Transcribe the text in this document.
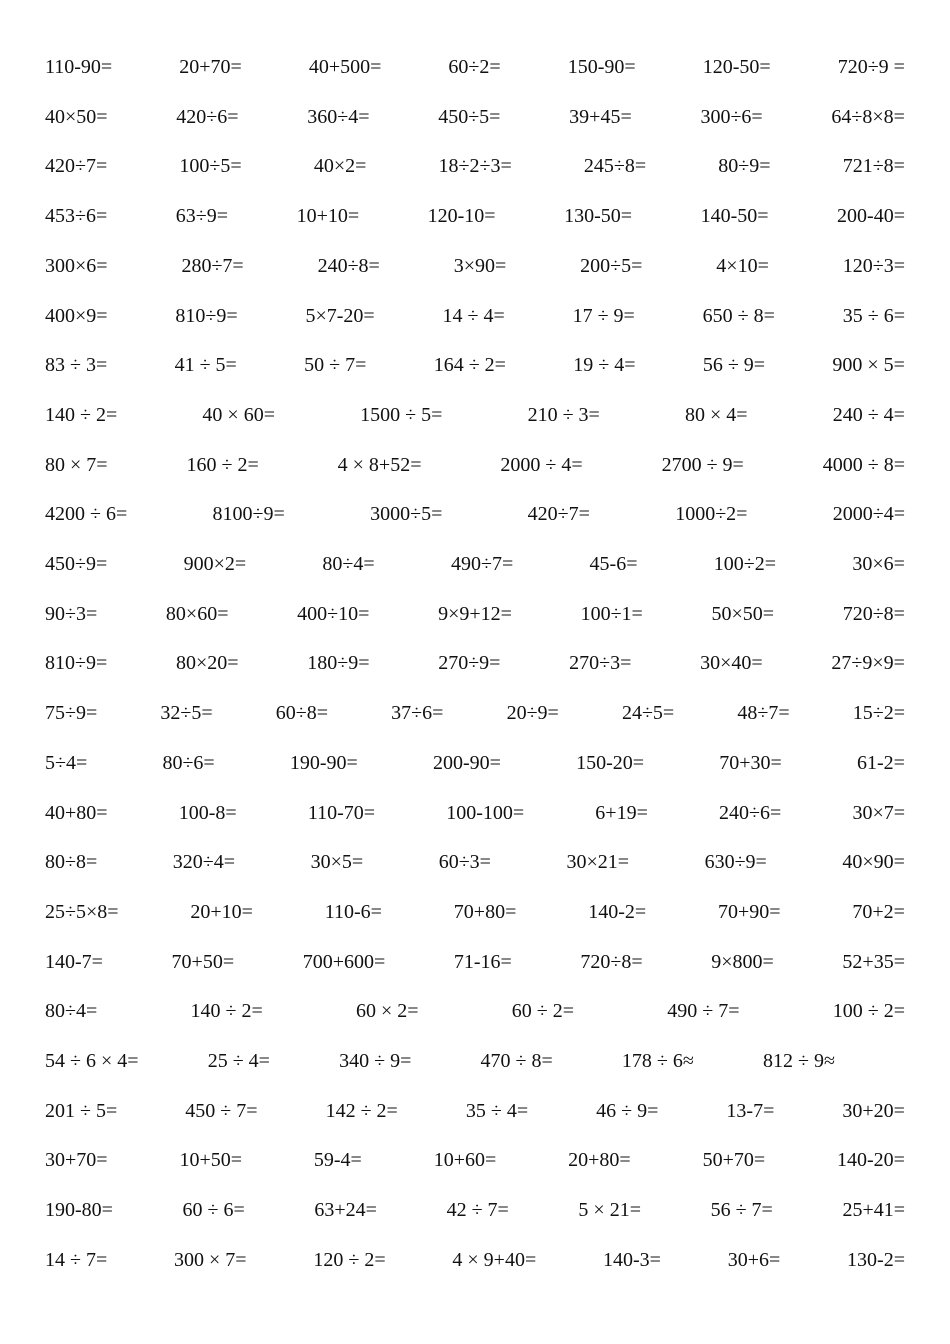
110-90=	20+70=	40+500=	60÷2=	150-90=	120-50=	720÷9 =
40×50=	420÷6=	360÷4=	450÷5=	39+45=	300÷6=	64÷8×8=
420÷7=	100÷5=	40×2=	18÷2÷3=	245÷8=	80÷9=	721÷8=
453÷6=	63÷9=	10+10=	120-10=	130-50=	140-50=	200-40=
300×6=	280÷7=	240÷8=	3×90=	200÷5=	4×10=	120÷3=
400×9=	810÷9=	5×7-20=	14 ÷ 4=	17 ÷ 9=	650 ÷ 8=	35 ÷ 6=
83 ÷ 3=	41 ÷ 5=	50 ÷ 7=	164 ÷ 2=	19 ÷ 4=	56 ÷ 9=	900 × 5=
140 ÷ 2=	40 × 60=	1500 ÷ 5=	210 ÷ 3=	80 × 4=	240 ÷ 4=
80 × 7=	160 ÷ 2=	4 × 8+52=	2000 ÷ 4=	2700 ÷ 9=	4000 ÷ 8=
4200 ÷ 6=	8100÷9=	3000÷5=	420÷7=	1000÷2=	2000÷4=
450÷9=	900×2=	80÷4=	490÷7=	45-6=	100÷2=	30×6=
90÷3=	80×60=	400÷10=	9×9+12=	100÷1=	50×50=	720÷8=
810÷9=	80×20=	180÷9=	270÷9=	270÷3=	30×40=	27÷9×9=
75÷9=	32÷5=	60÷8=	37÷6=	20÷9=	24÷5=	48÷7=	15÷2=
5÷4=	80÷6=	190-90=	200-90=	150-20=	70+30=	61-2=
40+80=	100-8=	110-70=	100-100=	6+19=	240÷6=	30×7=
80÷8=	320÷4=	30×5=	60÷3=	30×21=	630÷9=	40×90=
25÷5×8=	20+10=	110-6=	70+80=	140-2=	70+90=	70+2=
140-7=	70+50=	700+600=	71-16=	720÷8=	9×800=	52+35=
80÷4=	140 ÷ 2=	60 × 2=	60 ÷ 2=	490 ÷ 7=	100 ÷ 2=
54 ÷ 6 × 4=	25 ÷ 4=	340 ÷ 9=	470 ÷ 8=	178 ÷ 6≈	812 ÷ 9≈
201 ÷ 5=	450 ÷ 7=	142 ÷ 2=	35 ÷ 4=	46 ÷ 9=	13-7=	30+20=
30+70=	10+50=	59-4=	10+60=	20+80=	50+70=	140-20=
190-80=	60 ÷ 6=	63+24=	42 ÷ 7=	5 × 21=	56 ÷ 7=	25+41=
14 ÷ 7=	300 × 7=	120 ÷ 2=	4 × 9+40=	140-3=	30+6=	130-2=
